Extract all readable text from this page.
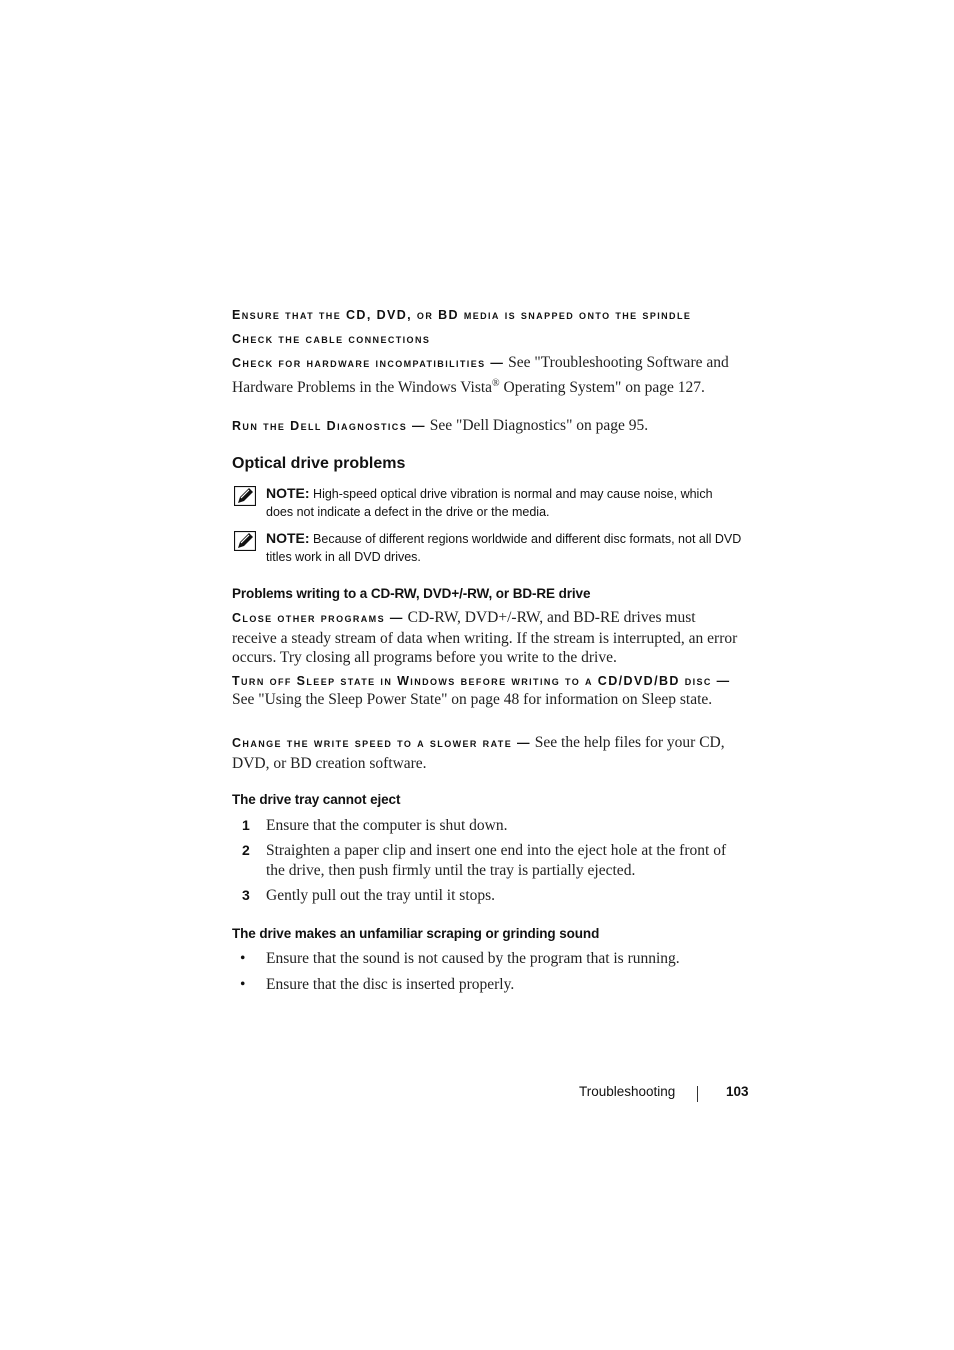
Ensure that the CD, DVD, or BD media is snapped onto the spindle

Check the cable connections

Check for hardware incompatibilities — See "Troubleshooting Software and Hardware Problems in the Windows Vista® Operating System" on page 127.

Run the Dell Diagnostics — See "Dell Diagnostics" on page 95.

Optical drive problems
NOTE: High-speed optical drive vibration is normal and may cause noise, which does not indicate a defect in the drive or the media.
NOTE: Because of different regions worldwide and different disc formats, not all DVD titles work in all DVD drives.
Problems writing to a CD-RW, DVD+/-RW, or BD-RE drive

Close other programs — CD-RW, DVD+/-RW, and BD-RE drives must receive a steady stream of data when writing. If the stream is interrupted, an error occurs. Try closing all programs before you write to the drive.

Turn off Sleep state in Windows before writing to a CD/DVD/BD disc — See "Using the Sleep Power State" on page 48 for information on Sleep state.

Change the write speed to a slower rate — See the help files for your CD, DVD, or BD creation software.

The drive tray cannot eject
1 Ensure that the computer is shut down.
2 Straighten a paper clip and insert one end into the eject hole at the front of the drive, then push firmly until the tray is partially ejected.
3 Gently pull out the tray until it stops.
The drive makes an unfamiliar scraping or grinding sound
• Ensure that the sound is not caused by the program that is running.
• Ensure that the disc is inserted properly.
Troubleshooting	103
